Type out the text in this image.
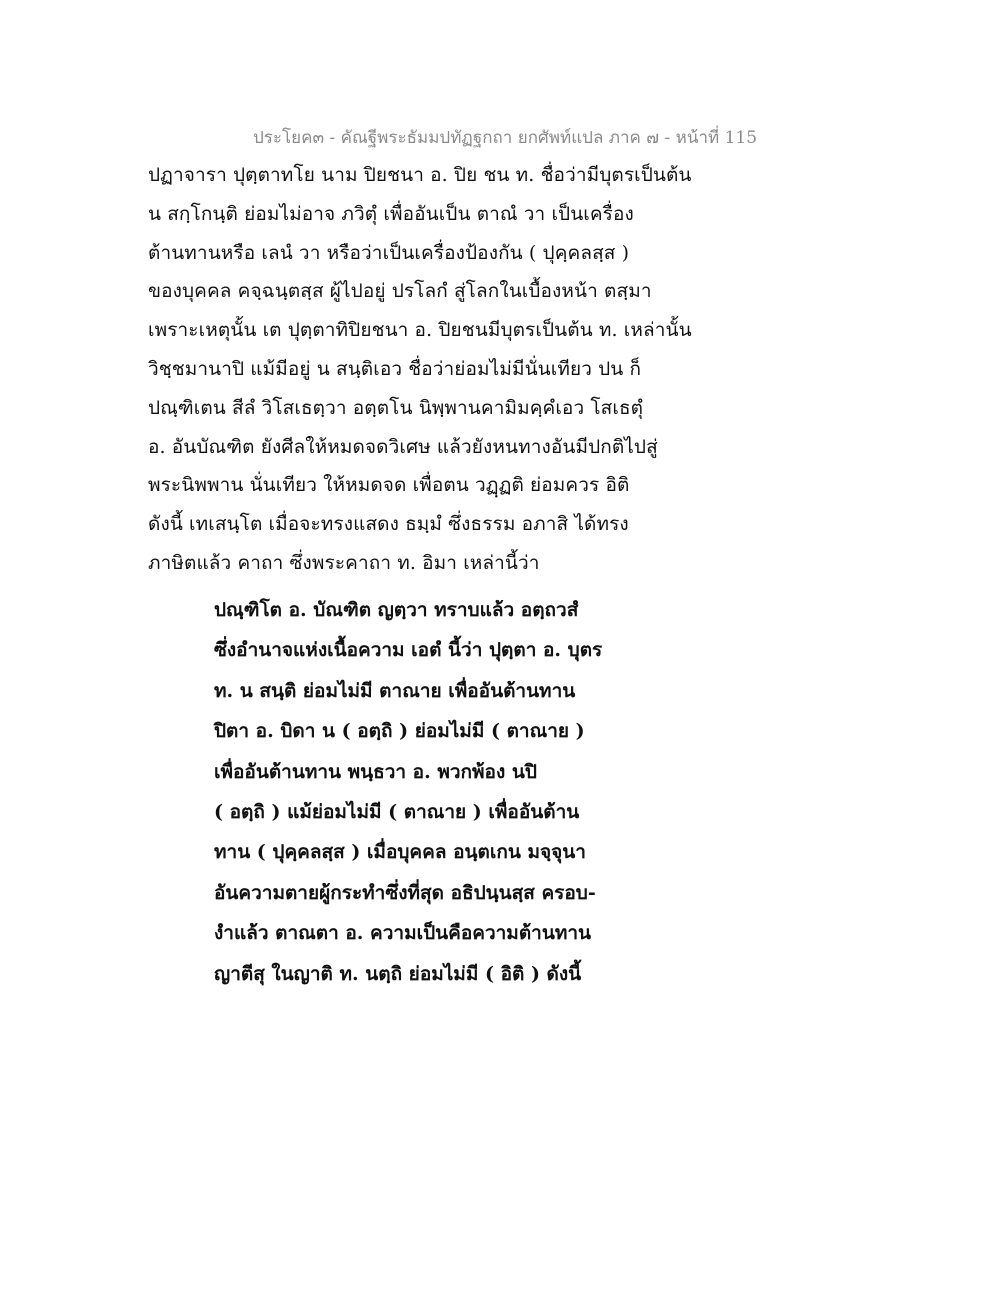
ประโยค๓ - คัณฐีพระธัมมปทัฏฐกถา ยกศัพท์แปล ภาค ๗ - หน้าที่ 115
ปฏาจารา ปุตฺตาทโย นาม ปิยชนา อ. ปิย ชน ท. ชื่อว่ามีบุตรเป็นต้น
น สกฺโกนฺติ ย่อมไม่อาจ ภวิตุํ เพื่ออันเป็น ตาณํ วา เป็นเครื่อง
ต้านทานหรือ เลนํ วา หรือว่าเป็นเครื่องป้องกัน ( ปุคฺคลสฺส )
ของบุคคล คจฺฉนฺตสฺส ผู้ไปอยู่ ปรโลกํ สู่โลกในเบื้องหน้า ตสฺมา
เพราะเหตุนั้น เต ปุตฺตาทิปิยชนา อ. ปิยชนมีบุตรเป็นต้น ท. เหล่านั้น
วิชฺชมานาปิ แม้มีอยู่ น สนฺติเอว ชื่อว่าย่อมไม่มีนั่นเทียว ปน ก็
ปณฺฑิเตน สีลํ วิโสเธตฺวา อตฺตโน นิพฺพานคามิมคฺคํเอว โสเธตุํ
อ. อันบัณฑิต ยังศีลให้หมดจดวิเศษ แล้วยังหนทางอันมีปกติไปสู่
พระนิพพาน นั่นเทียว ให้หมดจด เพื่อตน วฏฺฏติ ย่อมควร อิติ
ดังนี้ เทเสนฺโต เมื่อจะทรงแสดง ธมฺมํ ซึ่งธรรม อภาสิ ได้ทรง
ภาษิตแล้ว คาถา ซึ่งพระคาถา ท. อิมา เหล่านี้ว่า
ปณฺฑิโต อ. บัณฑิต ญตฺวา ทราบแล้ว อตฺถวสํ
ซึ่งอำนาจแห่งเนื้อความ เอตํ นี้ว่า ปุตฺตา อ. บุตร
ท. น สนฺติ ย่อมไม่มี ตาณาย เพื่ออันต้านทาน
ปิตา อ. บิดา น ( อตฺถิ ) ย่อมไม่มี ( ตาณาย )
เพื่ออันต้านทาน พนฺธวา อ. พวกพ้อง นปิ
( อตฺถิ ) แม้ย่อมไม่มี ( ตาณาย ) เพื่ออันต้าน
ทาน ( ปุคฺคลสฺส ) เมื่อบุคคล อนฺตเกน มจฺจุนา
อันความตายผู้กระทำซึ่งที่สุด อธิปนฺนสฺส ครอบ-
งำแล้ว ตาณตา อ. ความเป็นคือความต้านทาน
ญาตีสุ ในญาติ ท. นตฺถิ ย่อมไม่มี ( อิติ ) ดังนี้
